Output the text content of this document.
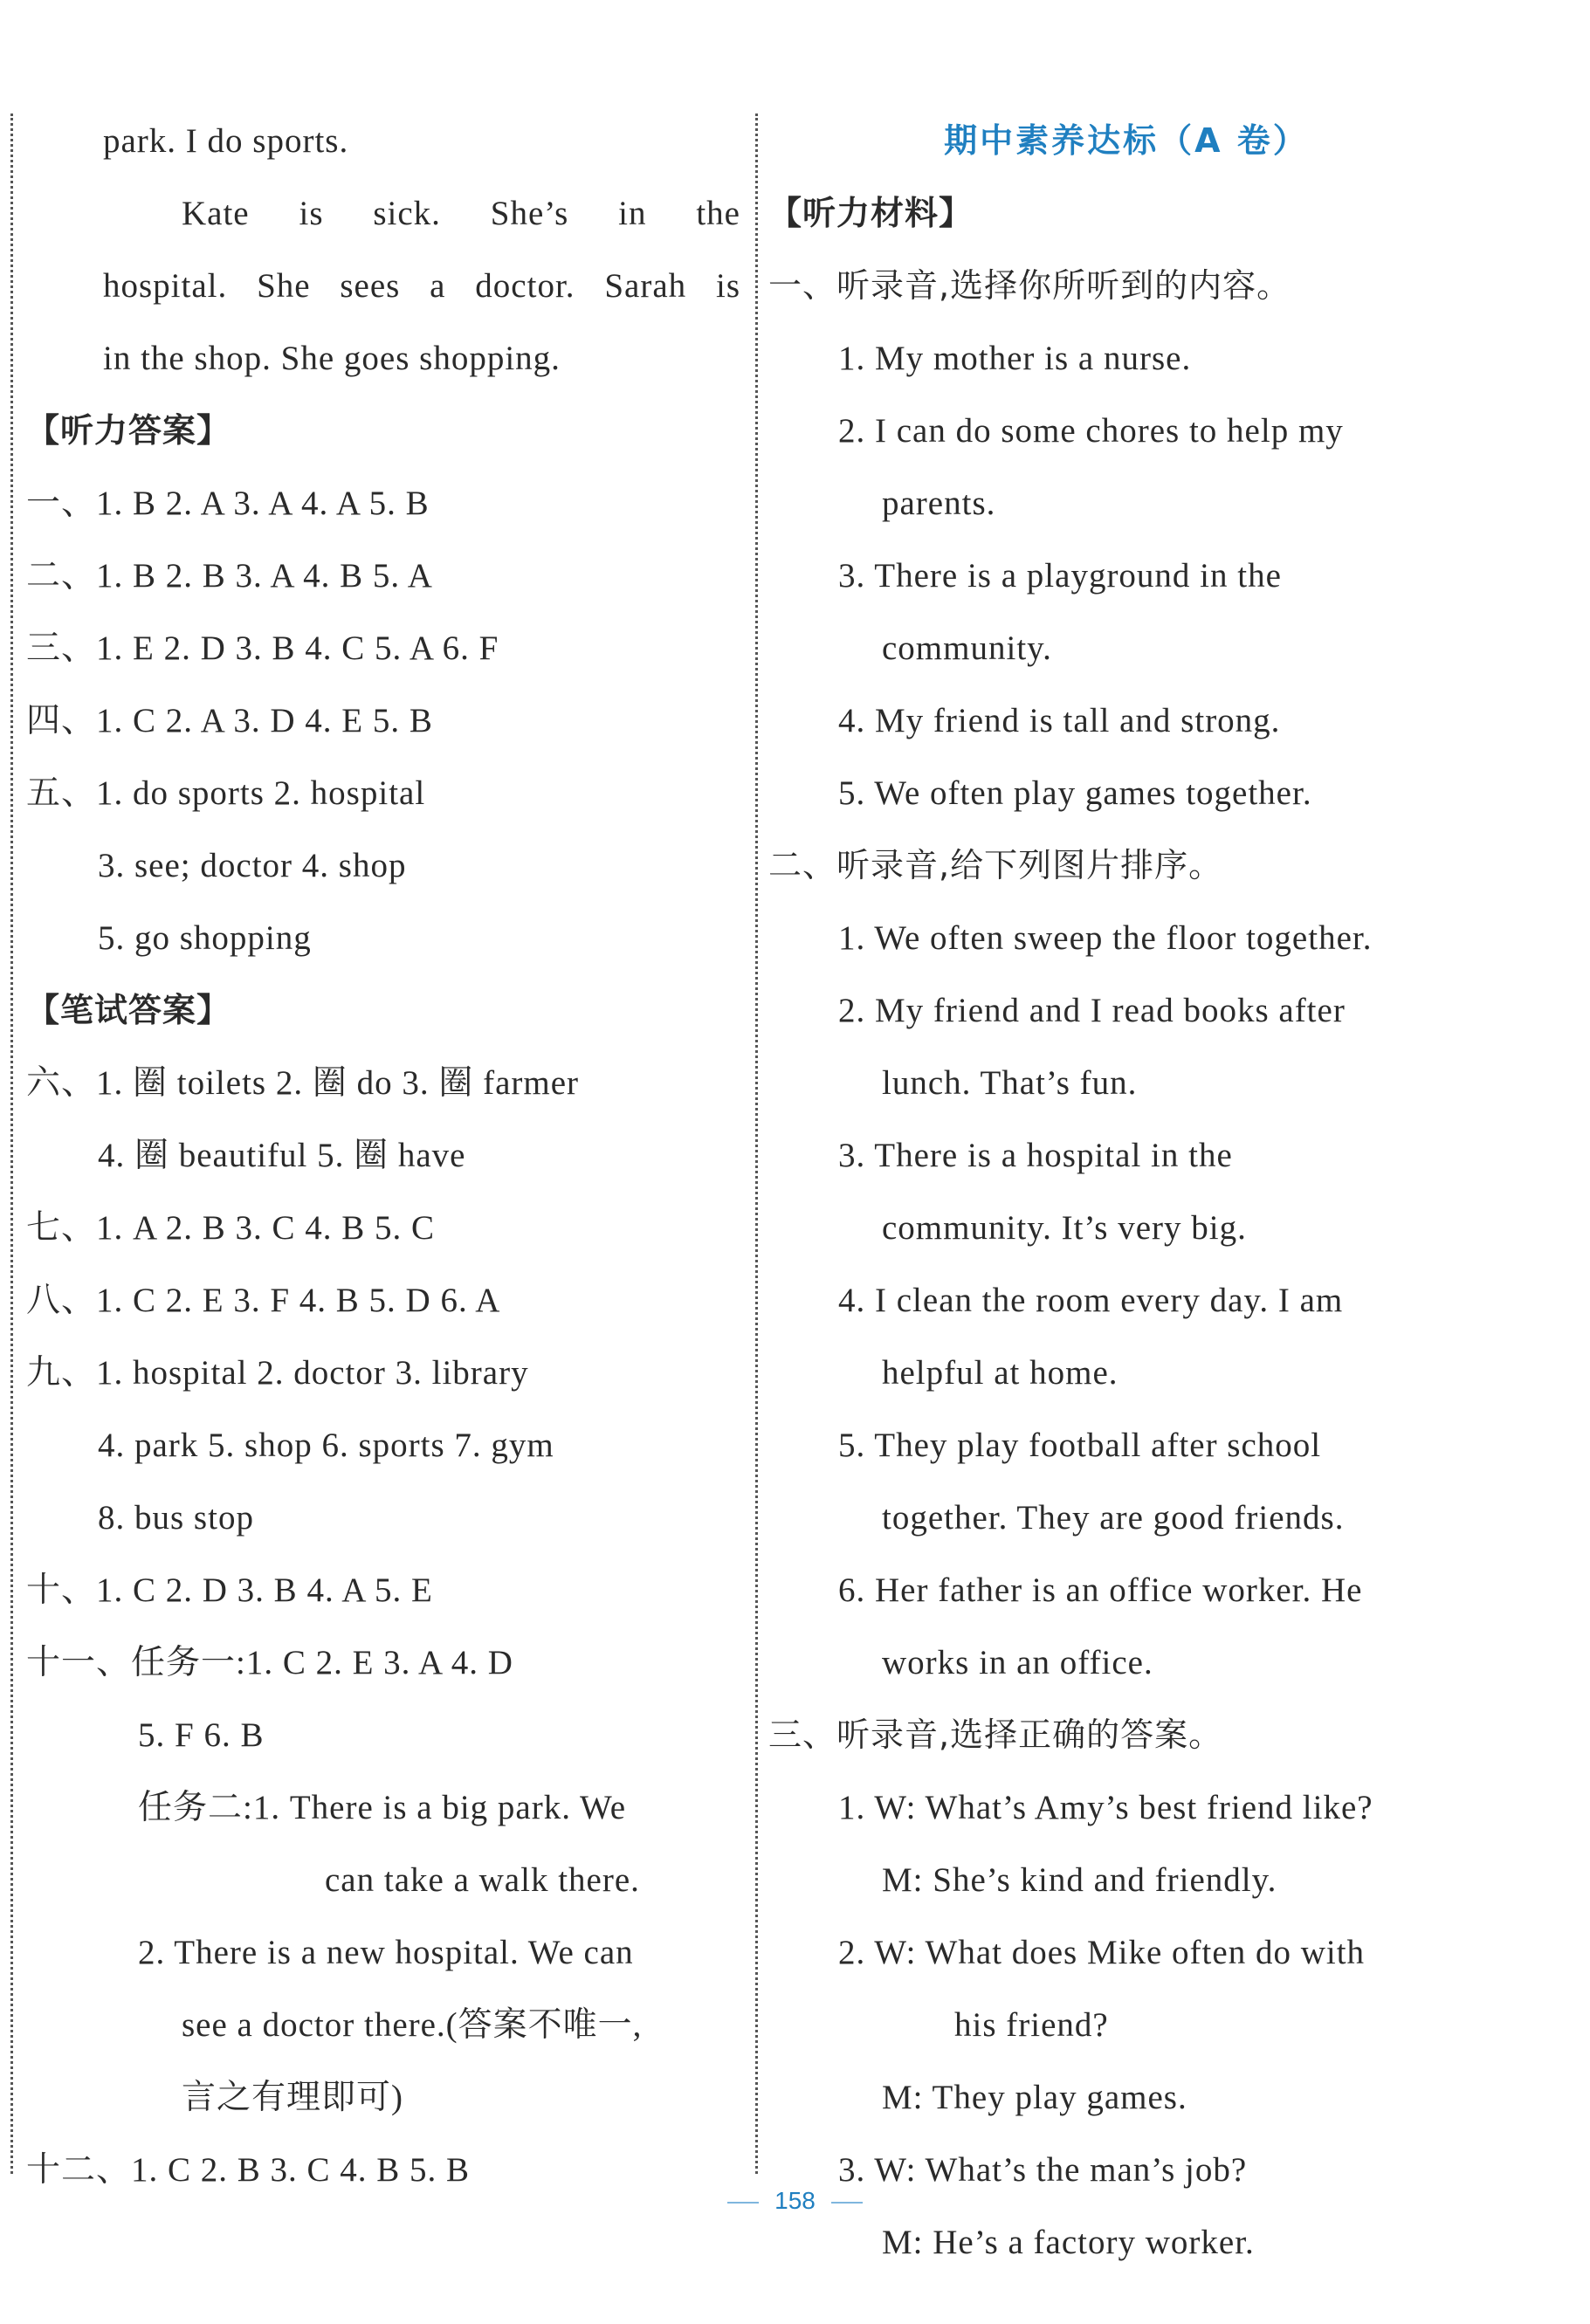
park. I do sports.
Kate is sick. She’s in the
hospital. She sees a doctor. Sarah is
in the shop. She goes shopping.
【听力答案】
一、1. B 2. A 3. A 4. A 5. B
二、1. B 2. B 3. A 4. B 5. A
三、1. E 2. D 3. B 4. C 5. A 6. F
四、1. C 2. A 3. D 4. E 5. B
五、1. do sports 2. hospital
3. see; doctor 4. shop
5. go shopping
【笔试答案】
六、1. 圈 toilets 2. 圈 do 3. 圈 farmer
4. 圈 beautiful 5. 圈 have
七、1. A 2. B 3. C 4. B 5. C
八、1. C 2. E 3. F 4. B 5. D 6. A
九、1. hospital 2. doctor 3. library
4. park 5. shop 6. sports 7. gym
8. bus stop
十、1. C 2. D 3. B 4. A 5. E
十一、任务一:1. C 2. E 3. A 4. D
5. F 6. B
任务二:1. There is a big park. We
can take a walk there.
2. There is a new hospital. We can
see a doctor there.(答案不唯一,
言之有理即可)
十二、1. C 2. B 3. C 4. B 5. B
期中素养达标（A 卷）
【听力材料】
一、听录音,选择你所听到的内容。
1. My mother is a nurse.
2. I can do some chores to help my
parents.
3. There is a playground in the
community.
4. My friend is tall and strong.
5. We often play games together.
二、听录音,给下列图片排序。
1. We often sweep the floor together.
2. My friend and I read books after
lunch. That’s fun.
3. There is a hospital in the
community. It’s very big.
4. I clean the room every day. I am
helpful at home.
5. They play football after school
together. They are good friends.
6. Her father is an office worker. He
works in an office.
三、听录音,选择正确的答案。
1. W: What’s Amy’s best friend like?
M: She’s kind and friendly.
2. W: What does Mike often do with
his friend?
M: They play games.
3. W: What’s the man’s job?
M: He’s a factory worker.
158
